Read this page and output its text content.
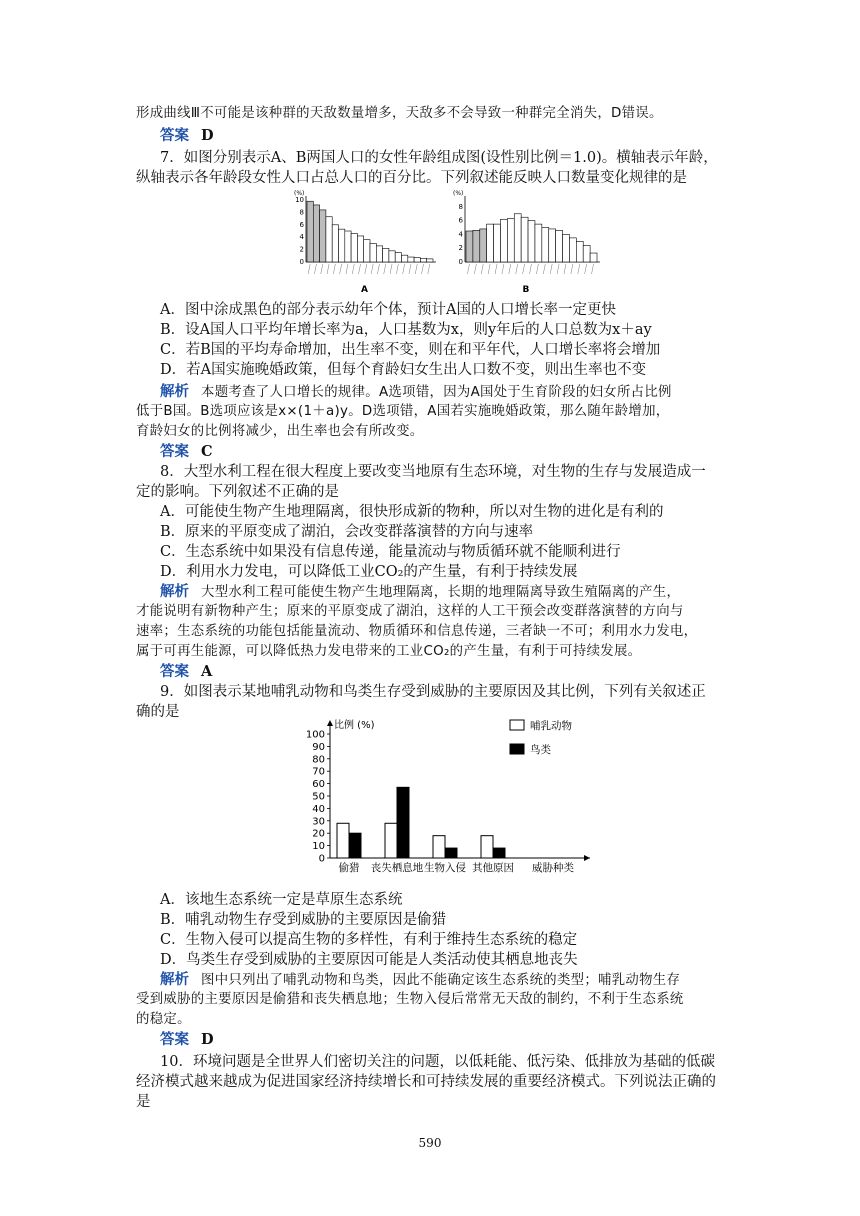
形成曲线Ⅲ不可能是该种群的天敌数量增多，天敌多不会导致一种群完全消失，D错误。
答案 D
7．如图分别表示A、B两国人口的女性年龄组成图(设性别比例＝1.0)。横轴表示年龄，
纵轴表示各年龄段女性人口占总人口的百分比。下列叙述能反映人口数量变化规律的是
A．图中涂成黑色的部分表示幼年个体，预计A国的人口增长率一定更快
B．设A国人口平均年增长率为a，人口基数为x，则y年后的人口总数为x＋ay
C．若B国的平均寿命增加，出生率不变，则在和平年代，人口增长率将会增加
D．若A国实施晚婚政策，但每个育龄妇女生出人口数不变，则出生率也不变
解析 本题考查了人口增长的规律。A选项错，因为A国处于生育阶段的妇女所占比例
低于B国。B选项应该是x×(1＋a)y。D选项错，A国若实施晚婚政策，那么随年龄增加，
育龄妇女的比例将减少，出生率也会有所改变。
答案 C
8．大型水利工程在很大程度上要改变当地原有生态环境，对生物的生存与发展造成一
定的影响。下列叙述不正确的是
A．可能使生物产生地理隔离，很快形成新的物种，所以对生物的进化是有利的
B．原来的平原变成了湖泊，会改变群落演替的方向与速率
C．生态系统中如果没有信息传递，能量流动与物质循环就不能顺利进行
D．利用水力发电，可以降低工业CO₂的产生量，有利于持续发展
解析 大型水利工程可能使生物产生地理隔离，长期的地理隔离导致生殖隔离的产生，
才能说明有新物种产生；原来的平原变成了湖泊，这样的人工干预会改变群落演替的方向与
速率；生态系统的功能包括能量流动、物质循环和信息传递，三者缺一不可；利用水力发电，
属于可再生能源，可以降低热力发电带来的工业CO₂的产生量，有利于可持续发展。
答案 A
9．如图表示某地哺乳动物和鸟类生存受到威胁的主要原因及其比例，下列有关叙述正
确的是
A．该地生态系统一定是草原生态系统
B．哺乳动物生存受到威胁的主要原因是偷猎
C．生物入侵可以提高生物的多样性，有利于维持生态系统的稳定
D．鸟类生存受到威胁的主要原因可能是人类活动使其栖息地丧失
解析 图中只列出了哺乳动物和鸟类，因此不能确定该生态系统的类型；哺乳动物生存
受到威胁的主要原因是偷猎和丧失栖息地；生物入侵后常常无天敌的制约，不利于生态系统
的稳定。
答案 D
10．环境问题是全世界人们密切关注的问题，以低耗能、低污染、低排放为基础的低碳
经济模式越来越成为促进国家经济持续增长和可持续发展的重要经济模式。下列说法正确的
是
(%)
0
2
4
6
8
10
A
(%)
0
2
4
6
8
B
比例 (%)
0
10
20
30
40
50
60
70
80
90
100
偷猎 丧失栖息地 生物入侵 其他原因 威胁种类
哺乳动物
鸟类
590
